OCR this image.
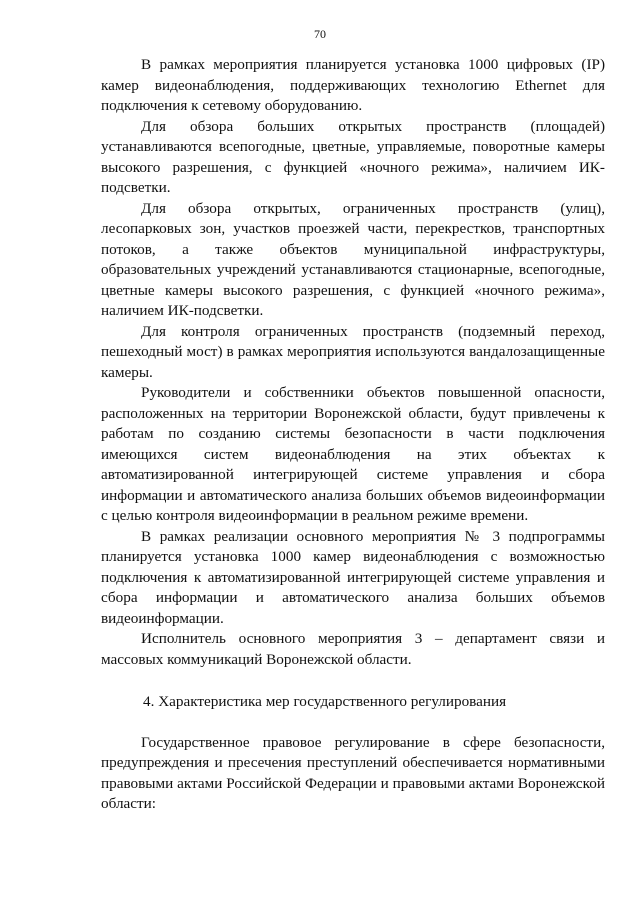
70

В рамках мероприятия планируется установка 1000 цифровых (IP) камер видеонаблюдения, поддерживающих технологию Ethernet для подключения к сетевому оборудованию.

Для обзора больших открытых пространств (площадей) устанавливаются всепогодные, цветные, управляемые, поворотные камеры высокого разрешения, с функцией «ночного режима», наличием ИК-подсветки.

Для обзора открытых, ограниченных пространств (улиц), лесопарковых зон, участков проезжей части, перекрестков, транспортных потоков, а также объектов муниципальной инфраструктуры, образовательных учреждений устанавливаются стационарные, всепогодные, цветные камеры высокого разрешения, с функцией «ночного режима», наличием ИК-подсветки.

Для контроля ограниченных пространств (подземный переход, пешеходный мост) в рамках мероприятия используются вандалозащищенные камеры.

Руководители и собственники объектов повышенной опасности, расположенных на территории Воронежской области, будут привлечены к работам по созданию системы безопасности в части подключения имеющихся систем видеонаблюдения на этих объектах к автоматизированной интегрирующей системе управления и сбора информации и автоматического анализа больших объемов видеоинформации с целью контроля видеоинформации в реальном режиме времени.

В рамках реализации основного мероприятия № 3 подпрограммы планируется установка 1000 камер видеонаблюдения с возможностью подключения к автоматизированной интегрирующей системе управления и сбора информации и автоматического анализа больших объемов видеоинформации.

Исполнитель основного мероприятия 3 – департамент связи и массовых коммуникаций Воронежской области.

4. Характеристика мер государственного регулирования

Государственное правовое регулирование в сфере безопасности, предупреждения и пресечения преступлений обеспечивается нормативными правовыми актами Российской Федерации и правовыми актами Воронежской области:
